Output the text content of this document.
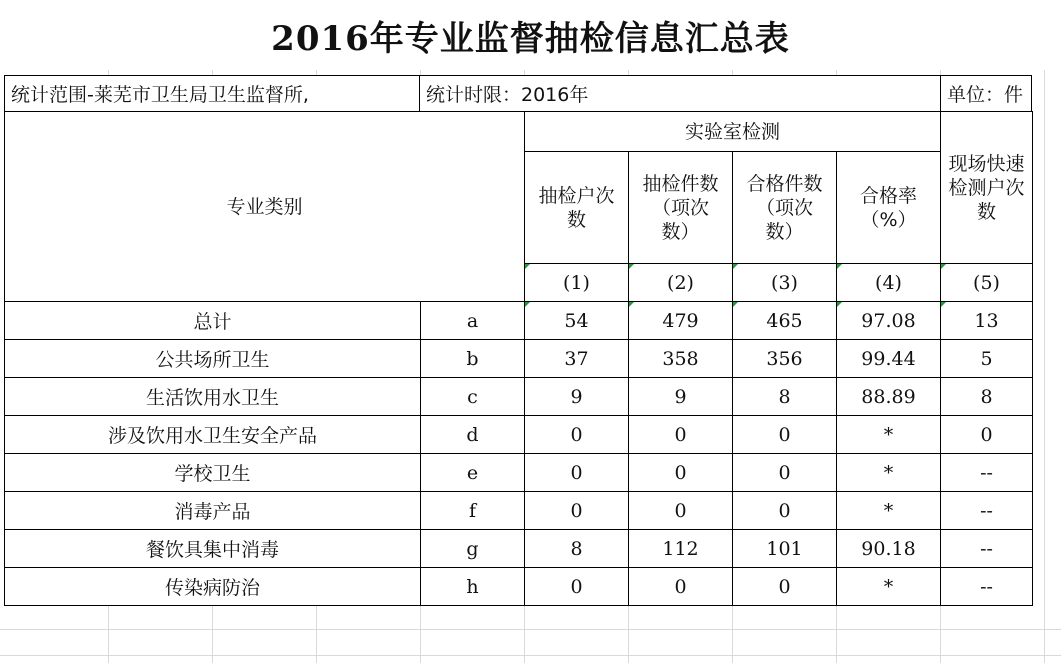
2016年专业监督抽检信息汇总表
统计范围-莱芜市卫生局卫生监督所,	统计时限：2016年	单位：件
专业类别		实验室检测				现场快速检测户次数
		抽检户次数	抽检件数（项次数）	合格件数（项次数）	合格率（%）	
		(1)	(2)	(3)	(4)	(5)
总计	a	54	479	465	97.08	13
公共场所卫生	b	37	358	356	99.44	5
生活饮用水卫生	c	9	9	8	88.89	8
涉及饮用水卫生安全产品	d	0	0	0	*	0
学校卫生	e	0	0	0	*	--
消毒产品	f	0	0	0	*	--
餐饮具集中消毒	g	8	112	101	90.18	--
传染病防治	h	0	0	0	*	--
